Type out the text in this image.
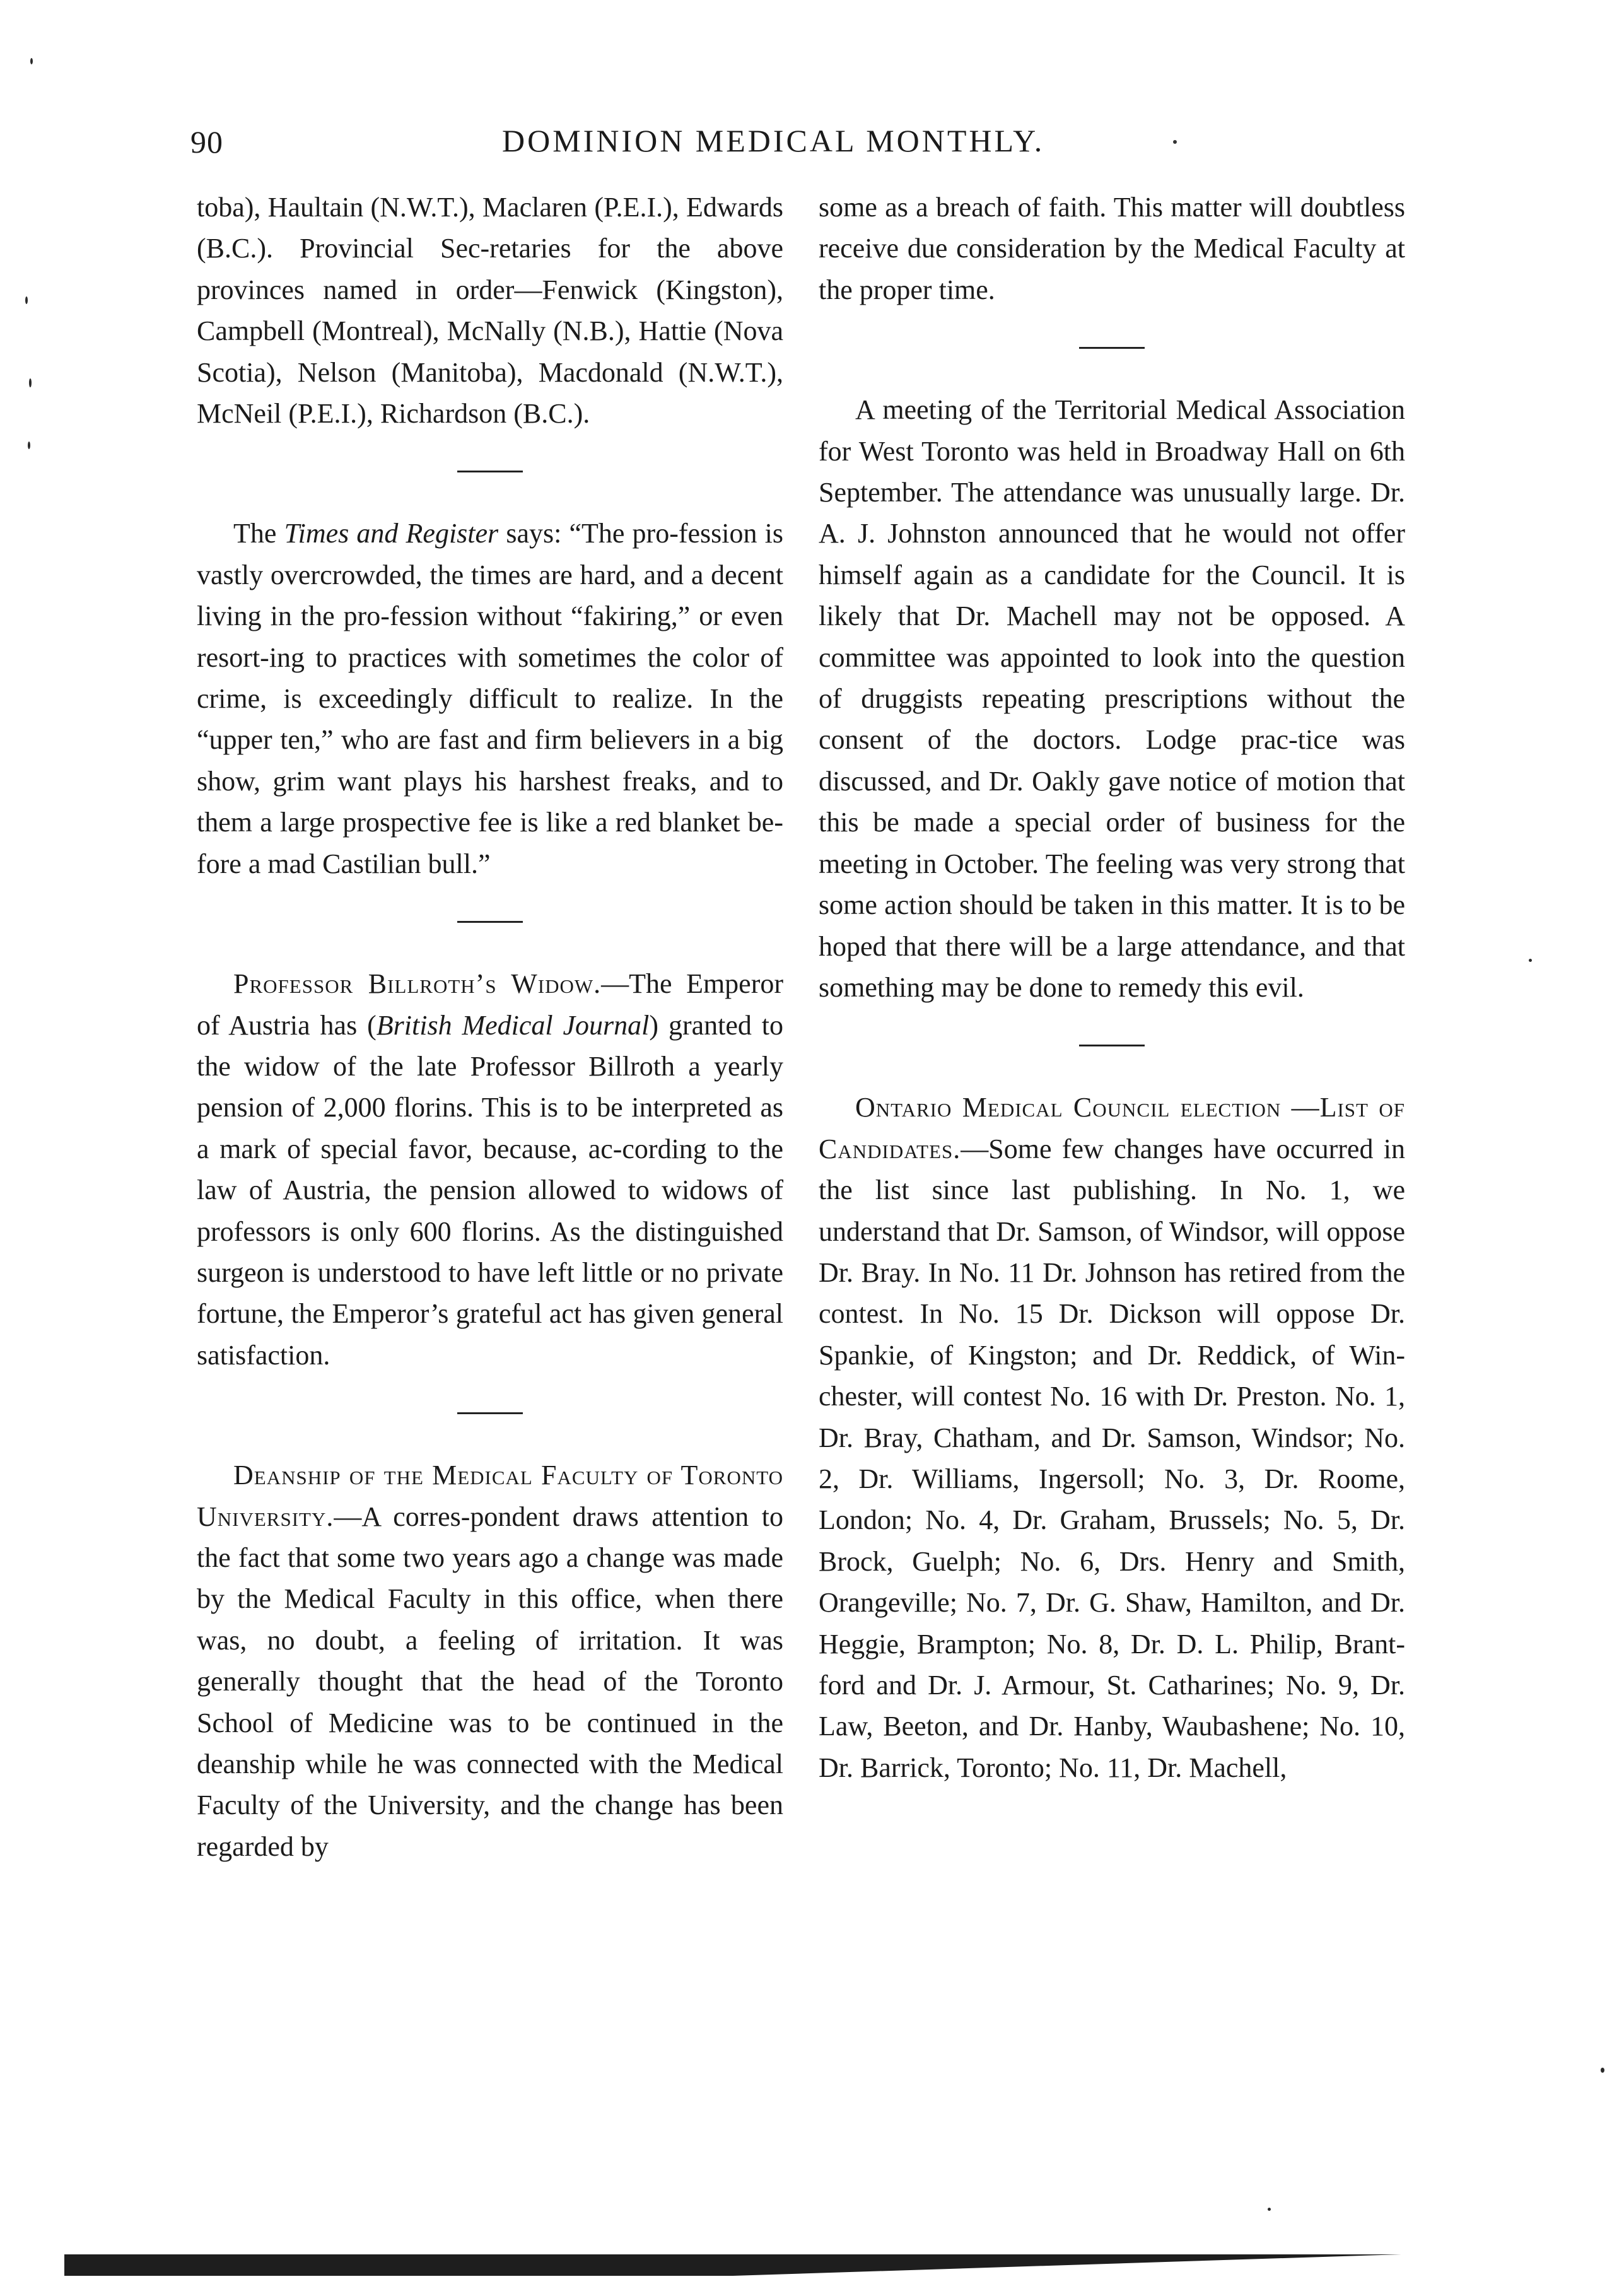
90	DOMINION MEDICAL MONTHLY.

toba), Haultain (N.W.T.), Maclaren (P.E.I.), Edwards (B.C.). Provincial Sec-retaries for the above provinces named in order—Fenwick (Kingston), Campbell (Montreal), McNally (N.B.), Hattie (Nova Scotia), Nelson (Manitoba), Macdonald (N.W.T.), McNeil (P.E.I.), Richardson (B.C.).

The Times and Register says: “The pro-fession is vastly overcrowded, the times are hard, and a decent living in the pro-fession without “fakiring,” or even resort-ing to practices with sometimes the color of crime, is exceedingly difficult to realize. In the “upper ten,” who are fast and firm believers in a big show, grim want plays his harshest freaks, and to them a large prospective fee is like a red blanket be-fore a mad Castilian bull.”

Professor Billroth’s Widow.—The Emperor of Austria has (British Medical Journal) granted to the widow of the late Professor Billroth a yearly pension of 2,000 florins. This is to be interpreted as a mark of special favor, because, ac-cording to the law of Austria, the pension allowed to widows of professors is only 600 florins. As the distinguished surgeon is understood to have left little or no private fortune, the Emperor’s grateful act has given general satisfaction.

Deanship of the Medical Faculty of Toronto University.—A corres-pondent draws attention to the fact that some two years ago a change was made by the Medical Faculty in this office, when there was, no doubt, a feeling of irritation. It was generally thought that the head of the Toronto School of Medicine was to be continued in the deanship while he was connected with the Medical Faculty of the University, and the change has been regarded by

some as a breach of faith. This matter will doubtless receive due consideration by the Medical Faculty at the proper time.

A meeting of the Territorial Medical Association for West Toronto was held in Broadway Hall on 6th September. The attendance was unusually large. Dr. A. J. Johnston announced that he would not offer himself again as a candidate for the Council. It is likely that Dr. Machell may not be opposed. A committee was appointed to look into the question of druggists repeating prescriptions without the consent of the doctors. Lodge prac-tice was discussed, and Dr. Oakly gave notice of motion that this be made a special order of business for the meeting in October. The feeling was very strong that some action should be taken in this matter. It is to be hoped that there will be a large attendance, and that something may be done to remedy this evil.

Ontario Medical Council election —List of Candidates.—Some few changes have occurred in the list since last publishing. In No. 1, we understand that Dr. Samson, of Windsor, will oppose Dr. Bray. In No. 11 Dr. Johnson has retired from the contest. In No. 15 Dr. Dickson will oppose Dr. Spankie, of Kingston; and Dr. Reddick, of Win-chester, will contest No. 16 with Dr. Preston. No. 1, Dr. Bray, Chatham, and Dr. Samson, Windsor; No. 2, Dr. Williams, Ingersoll; No. 3, Dr. Roome, London; No. 4, Dr. Graham, Brussels; No. 5, Dr. Brock, Guelph; No. 6, Drs. Henry and Smith, Orangeville; No. 7, Dr. G. Shaw, Hamilton, and Dr. Heggie, Brampton; No. 8, Dr. D. L. Philip, Brant-ford and Dr. J. Armour, St. Catharines; No. 9, Dr. Law, Beeton, and Dr. Hanby, Waubashene; No. 10, Dr. Barrick, Toronto; No. 11, Dr. Machell,
